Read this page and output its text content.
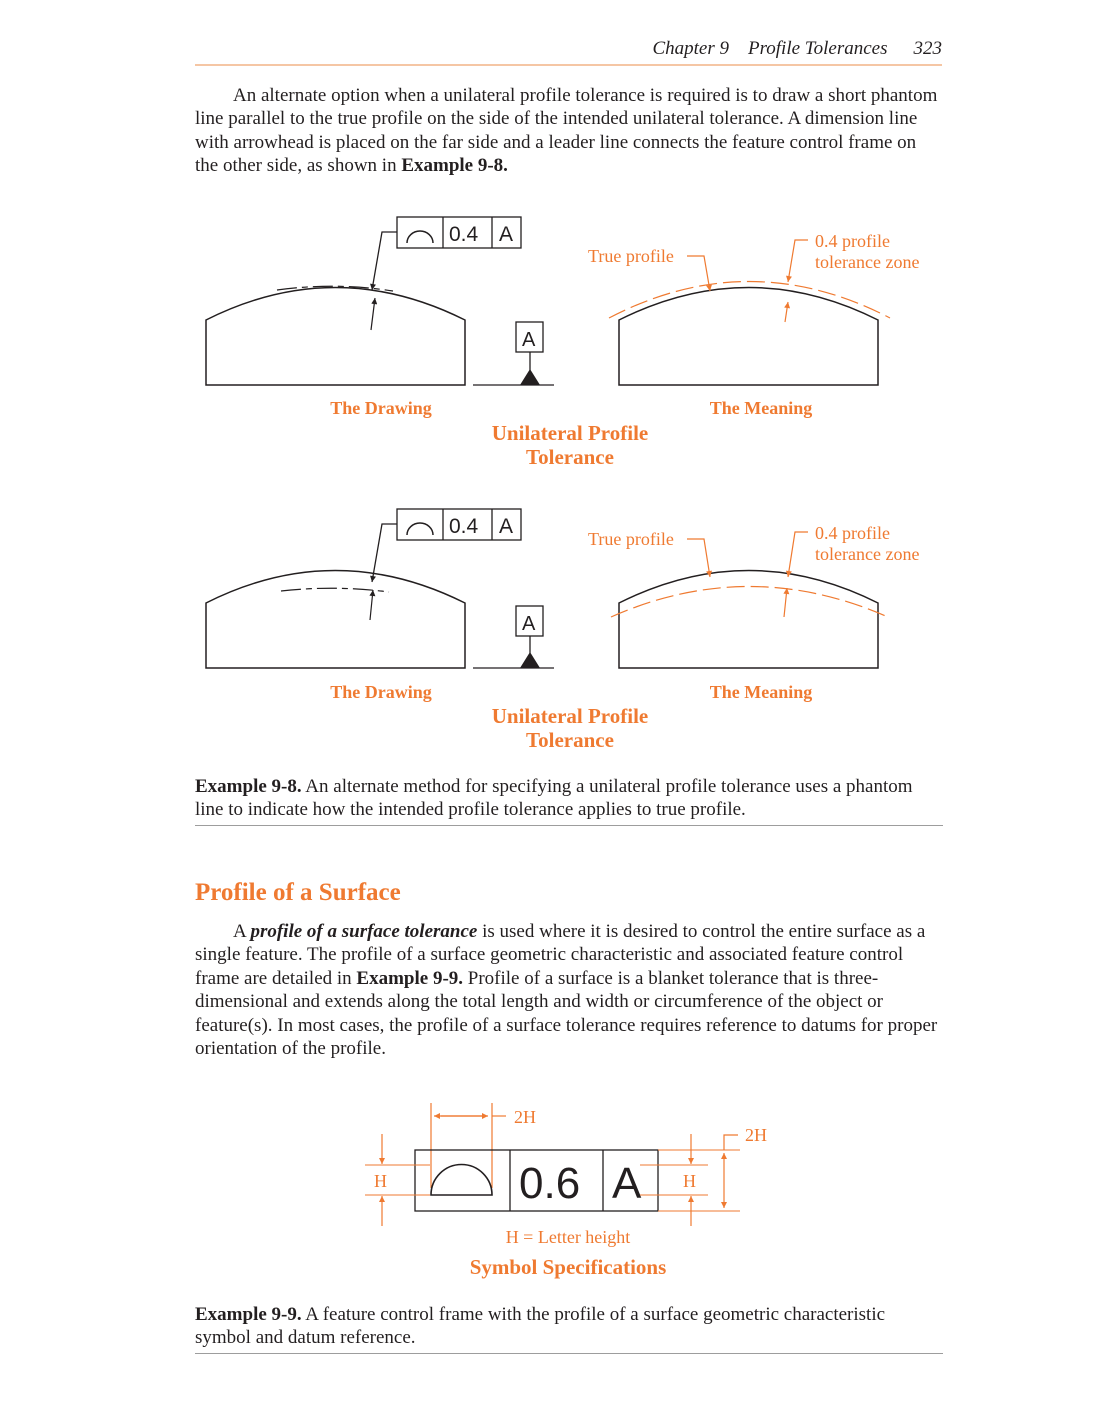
Chapter 9 Profile Tolerances 323

An alternate option when a unilateral profile tolerance is required is to draw a short phantom line parallel to the true profile on the side of the intended unilateral tolerance. A dimension line with arrowhead is placed on the far side and a leader line connects the feature control frame on the other side, as shown in Example 9-8.

0.4 A
A
True profile
0.4 profile
tolerance zone
The Drawing	The Meaning
Unilateral Profile
Tolerance
0.4 A
A
True profile	0.4 profile
tolerance zone
The Drawing	The Meaning
Unilateral Profile
Tolerance
2H
0.6 A
H	H
2H
H = Letter height
Symbol Specifications

Example 9-8. An alternate method for specifying a unilateral profile tolerance uses a phantom line to indicate how the intended profile tolerance applies to true profile.

Profile of a Surface

A profile of a surface tolerance is used where it is desired to control the entire surface as a single feature. The profile of a surface geometric characteristic and associated feature control frame are detailed in Example 9-9. Profile of a surface is a blanket tolerance that is three-dimensional and extends along the total length and width or circumference of the object or feature(s). In most cases, the profile of a surface tolerance requires reference to datums for proper orientation of the profile.

Example 9-9. A feature control frame with the profile of a surface geometric characteristic symbol and datum reference.
